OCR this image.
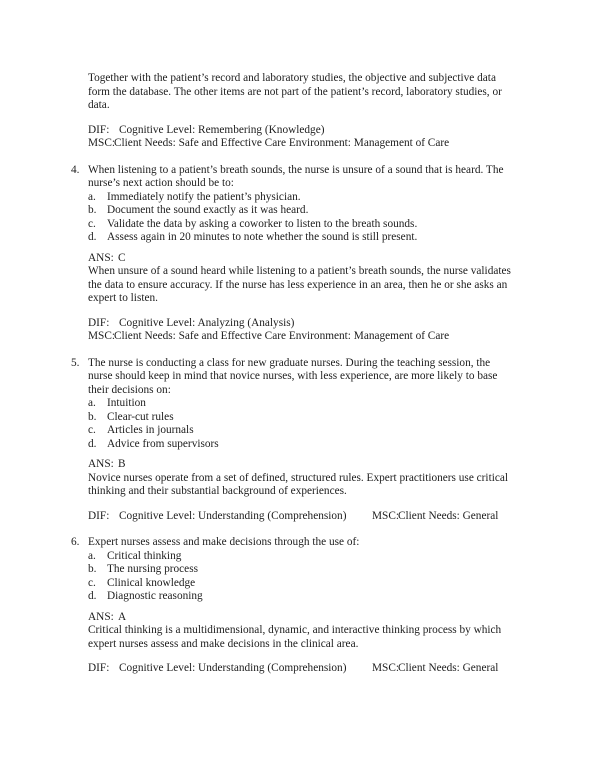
Together with the patient’s record and laboratory studies, the objective and subjective data form the database. The other items are not part of the patient’s record, laboratory studies, or data.

DIF: Cognitive Level: Remembering (Knowledge)
MSC:Client Needs: Safe and Effective Care Environment: Management of Care
4. When listening to a patient’s breath sounds, the nurse is unsure of a sound that is heard. The nurse’s next action should be to:

a. Immediately notify the patient’s physician.
b. Document the sound exactly as it was heard.
c. Validate the data by asking a coworker to listen to the breath sounds.
d. Assess again in 20 minutes to note whether the sound is still present.
ANS: C

When unsure of a sound heard while listening to a patient’s breath sounds, the nurse validates the data to ensure accuracy. If the nurse has less experience in an area, then he or she asks an expert to listen.

DIF: Cognitive Level: Analyzing (Analysis)
MSC:Client Needs: Safe and Effective Care Environment: Management of Care
5. The nurse is conducting a class for new graduate nurses. During the teaching session, the nurse should keep in mind that novice nurses, with less experience, are more likely to base their decisions on:

a. Intuition
b. Clear-cut rules
c. Articles in journals
d. Advice from supervisors
ANS: B

Novice nurses operate from a set of defined, structured rules. Expert practitioners use critical thinking and their substantial background of experiences.

DIF: Cognitive Level: Understanding (Comprehension) MSC:Client Needs: General
6. Expert nurses assess and make decisions through the use of:

a. Critical thinking
b. The nursing process
c. Clinical knowledge
d. Diagnostic reasoning
ANS: A

Critical thinking is a multidimensional, dynamic, and interactive thinking process by which expert nurses assess and make decisions in the clinical area.

DIF: Cognitive Level: Understanding (Comprehension) MSC:Client Needs: General
